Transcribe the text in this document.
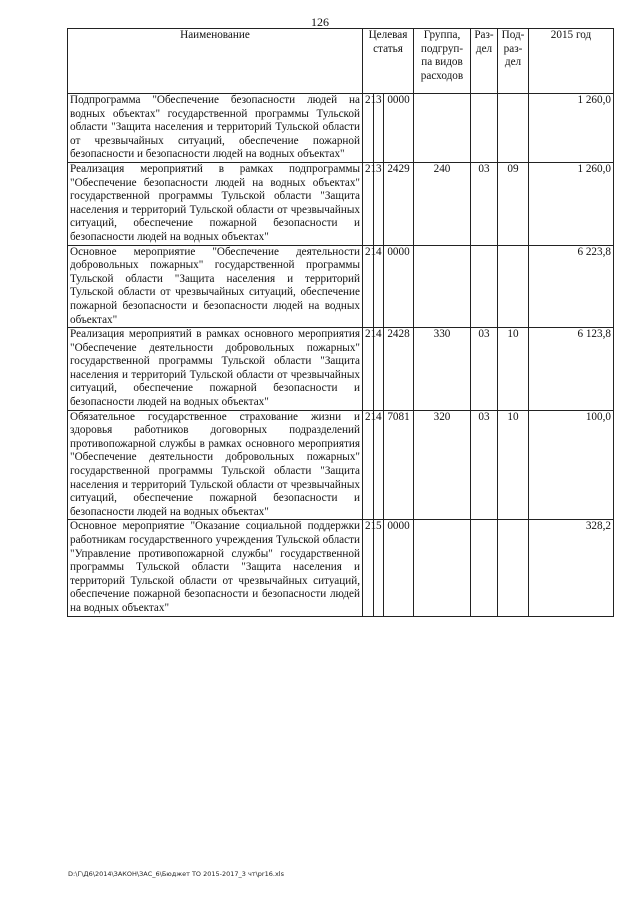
126
Наименование	Целевая статья			Группа, подгруп-па видов расходов	Раз-дел	Под-раз-дел	2015 год
Подпрограмма "Обеспечение безопасности людей на водных объектах" государственной программы Тульской области "Защита населения и территорий Тульской области от чрезвычайных ситуаций, обеспечение пожарной безопасности и безопасности людей на водных объектах"	21	3	0000				1 260,0
Реализация мероприятий в рамках подпрограммы "Обеспечение безопасности людей на водных объектах" государственной программы Тульской области "Защита населения и территорий Тульской области от чрезвычайных ситуаций, обеспечение пожарной безопасности и безопасности людей на водных объектах"	21	3	2429	240	03	09	1 260,0
Основное мероприятие "Обеспечение деятельности добровольных пожарных" государственной программы Тульской области "Защита населения и территорий Тульской области от чрезвычайных ситуаций, обеспечение пожарной безопасности и безопасности людей на водных объектах"	21	4	0000				6 223,8
Реализация мероприятий в рамках основного мероприятия "Обеспечение деятельности добровольных пожарных" государственной программы Тульской области "Защита населения и территорий Тульской области от чрезвычайных ситуаций, обеспечение пожарной безопасности и безопасности людей на водных объектах"	21	4	2428	330	03	10	6 123,8
Обязательное государственное страхование жизни и здоровья работников договорных подразделений противопожарной службы в рамках основного мероприятия "Обеспечение деятельности добровольных пожарных" государственной программы Тульской области "Защита населения и территорий Тульской области от чрезвычайных ситуаций, обеспечение пожарной безопасности и безопасности людей на водных объектах"	21	4	7081	320	03	10	100,0
Основное мероприятие "Оказание социальной поддержки работникам государственного учреждения Тульской области "Управление противопожарной службы" государственной программы Тульской области "Защита населения и территорий Тульской области от чрезвычайных ситуаций, обеспечение пожарной безопасности и безопасности людей на водных объектах"	21	5	0000				328,2
D:\Г\Д6\2014\ЗАКОН\ЗАС_6\Бюджет ТО 2015-2017_3 чт\pr16.xls
